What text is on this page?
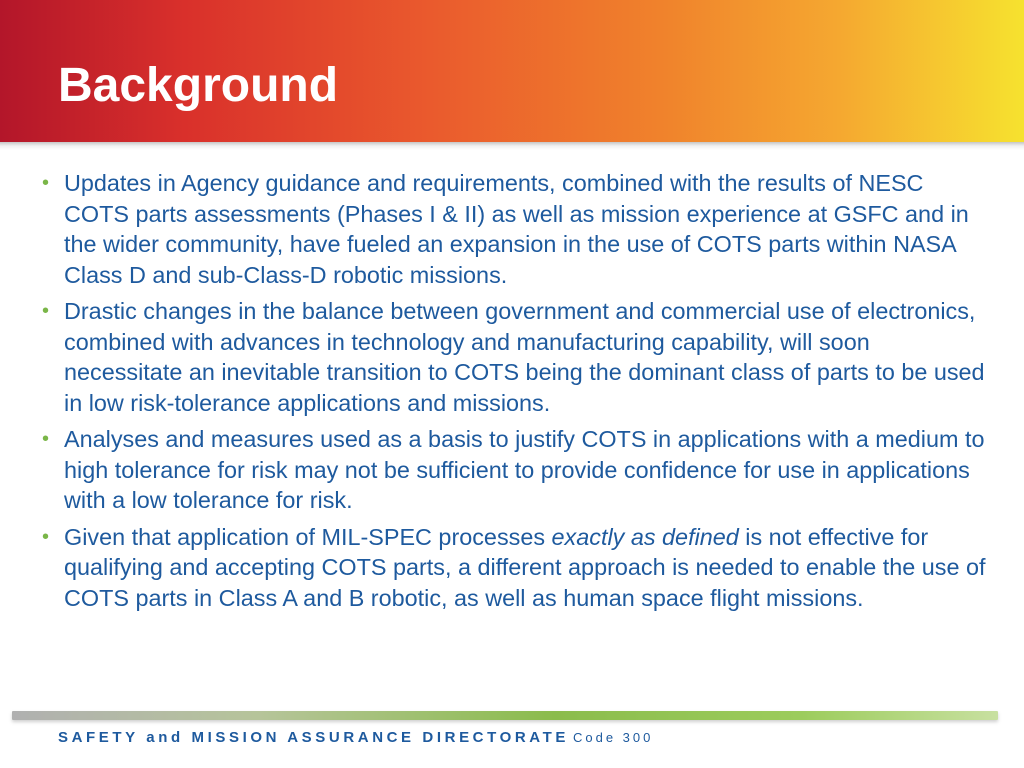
Background
• Updates in Agency guidance and requirements, combined with the results of NESC COTS parts assessments (Phases I & II) as well as mission experience at GSFC and in the wider community, have fueled an expansion in the use of COTS parts within NASA Class D and sub-Class-D robotic missions.
• Drastic changes in the balance between government and commercial use of electronics, combined with advances in technology and manufacturing capability, will soon necessitate an inevitable transition to COTS being the dominant class of parts to be used in low risk-tolerance applications and missions.
• Analyses and measures used as a basis to justify COTS in applications with a medium to high tolerance for risk may not be sufficient to provide confidence for use in applications with a low tolerance for risk.
• Given that application of MIL-SPEC processes exactly as defined is not effective for qualifying and accepting COTS parts, a different approach is needed to enable the use of COTS parts in Class A and B robotic, as well as human space flight missions.

SAFETY and MISSION ASSURANCE DIRECTORATE Code 300
